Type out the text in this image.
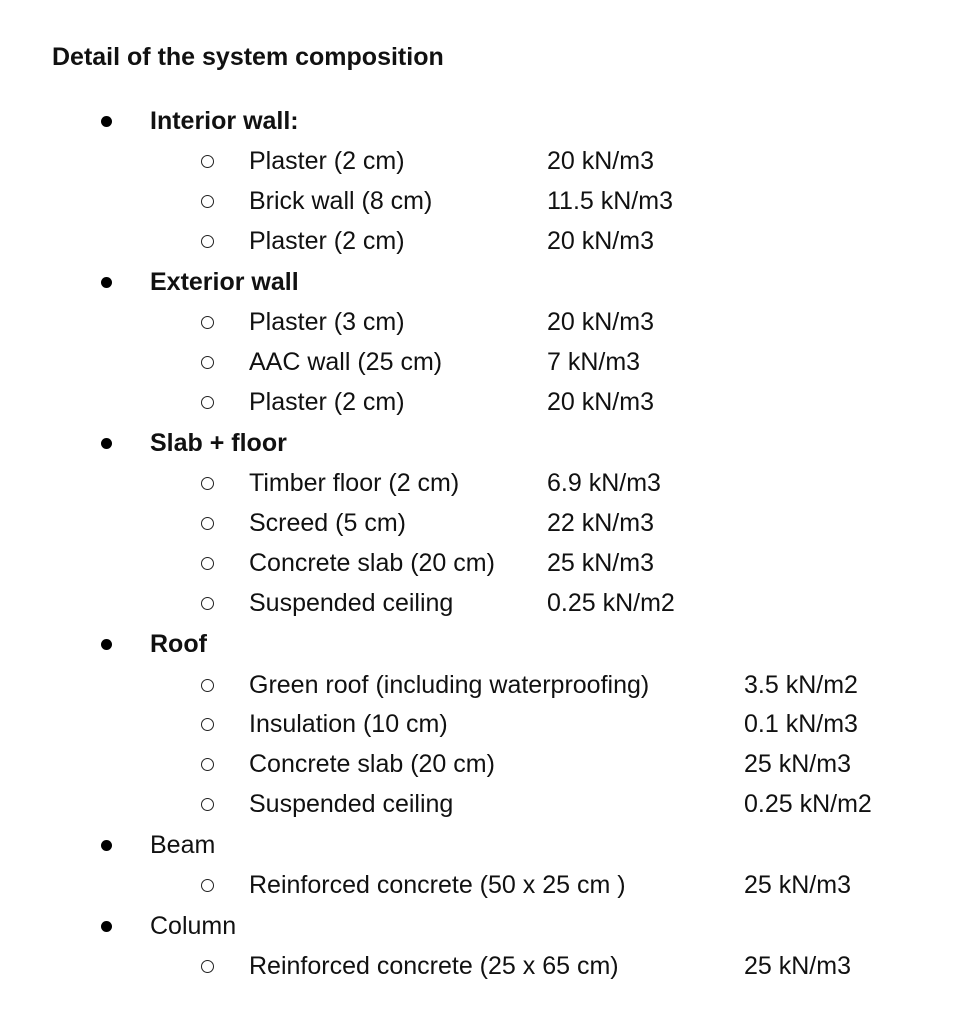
Detail of the system composition
Interior wall:
Plaster (2 cm)	20 kN/m3
Brick wall (8 cm)	11.5 kN/m3
Plaster (2 cm)	20 kN/m3
Exterior wall
Plaster (3 cm)	20 kN/m3
AAC wall (25 cm)	7 kN/m3
Plaster (2 cm)	20 kN/m3
Slab + floor
Timber floor (2 cm)	6.9 kN/m3
Screed (5 cm)	22 kN/m3
Concrete slab (20 cm) 25 kN/m3
Suspended ceiling	0.25 kN/m2
Roof
Green roof (including waterproofing)	3.5 kN/m2
Insulation (10 cm)	0.1 kN/m3
Concrete slab (20 cm)	25 kN/m3
Suspended ceiling	0.25 kN/m2
Beam
Reinforced concrete (50 x 25 cm )	25 kN/m3
Column
Reinforced concrete (25 x 65 cm)	25 kN/m3
